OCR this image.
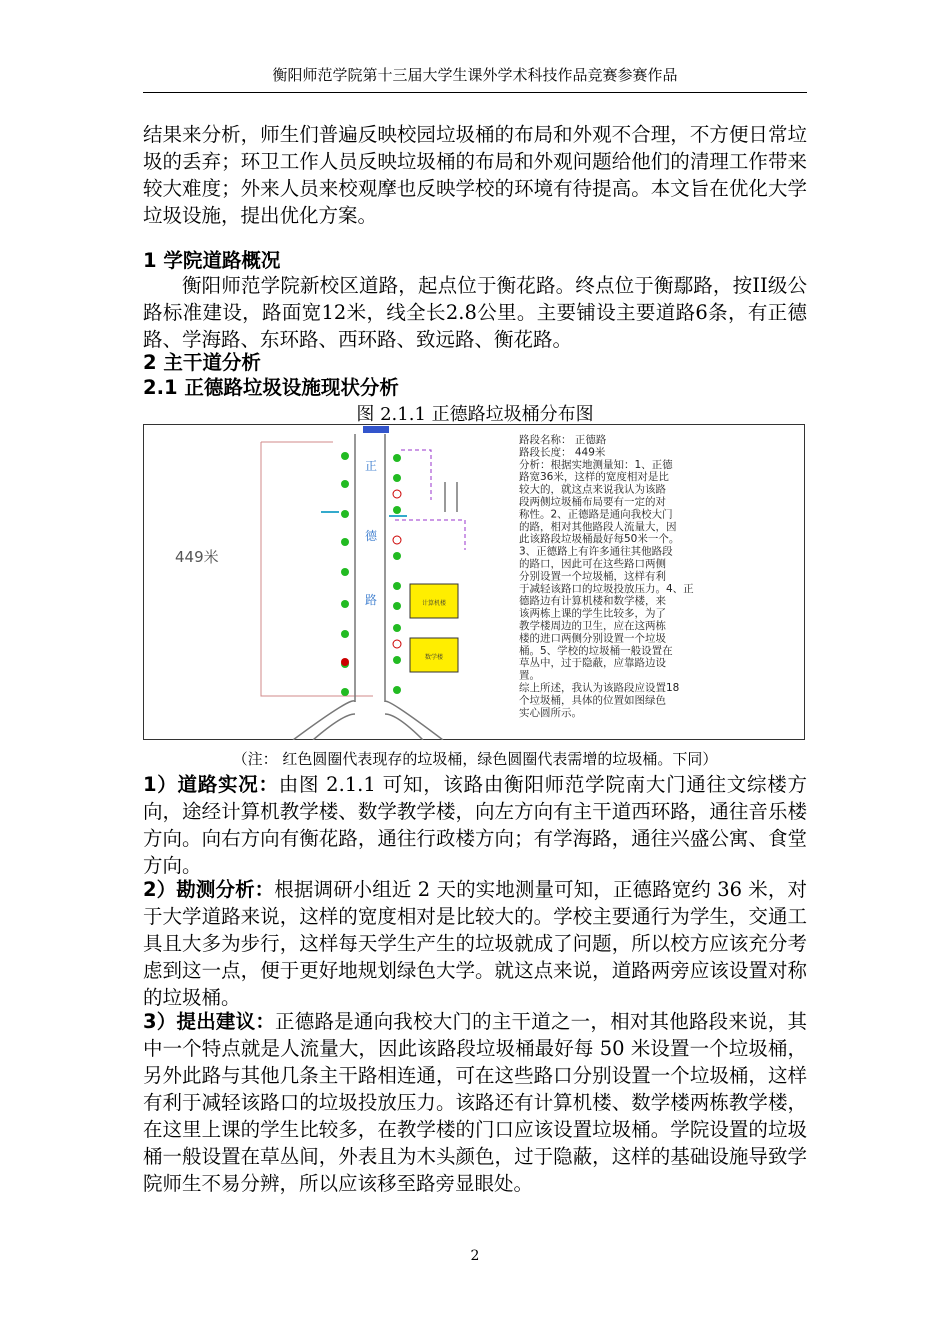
衡阳师范学院第十三届大学生课外学术科技作品竞赛参赛作品

结果来分析，师生们普遍反映校园垃圾桶的布局和外观不合理，不方便日常垃圾的丢弃；环卫工作人员反映垃圾桶的布局和外观问题给他们的清理工作带来较大难度；外来人员来校观摩也反映学校的环境有待提高。本文旨在优化大学垃圾设施，提出优化方案。

1 学院道路概况

衡阳师范学院新校区道路，起点位于衡花路。终点位于衡鄢路，按II级公路标准建设，路面宽12米，线全长2.8公里。主要铺设主要道路6条，有正德路、学海路、东环路、西环路、致远路、衡花路。

2 主干道分析
2.1 正德路垃圾设施现状分析
图 2.1.1 正德路垃圾桶分布图
449米
正
德
路	计算机楼
数学楼
路段名称： 正德路
路段长度： 449米
分析：根据实地测量知：1、正德
路宽36米，这样的宽度相对是比
较大的，就这点来说我认为该路
段两侧垃圾桶布局要有一定的对
称性。2、正德路是通向我校大门
的路，相对其他路段人流量大，因
此该路段垃圾桶最好每50米一个。
3、正德路上有许多通往其他路段
的路口，因此可在这些路口两侧
分别设置一个垃圾桶，这样有利
于减轻该路口的垃圾投放压力。4、正
德路边有计算机楼和数学楼，来
该两栋上课的学生比较多，为了
教学楼周边的卫生，应在这两栋
楼的进口两侧分别设置一个垃圾
桶。5、学校的垃圾桶一般设置在
草丛中，过于隐蔽，应靠路边设
置。
综上所述，我认为该路段应设置18
个垃圾桶，具体的位置如图绿色
实心圆所示。
（注： 红色圆圈代表现存的垃圾桶，绿色圆圈代表需增的垃圾桶。下同）

1）道路实况：由图 2.1.1 可知，该路由衡阳师范学院南大门通往文综楼方向，途经计算机教学楼、数学教学楼，向左方向有主干道西环路，通往音乐楼方向。向右方向有衡花路，通往行政楼方向；有学海路，通往兴盛公寓、食堂方向。

2）勘测分析：根据调研小组近 2 天的实地测量可知，正德路宽约 36 米，对于大学道路来说，这样的宽度相对是比较大的。学校主要通行为学生，交通工具且大多为步行，这样每天学生产生的垃圾就成了问题，所以校方应该充分考虑到这一点，便于更好地规划绿色大学。就这点来说，道路两旁应该设置对称的垃圾桶。

3）提出建议：正德路是通向我校大门的主干道之一，相对其他路段来说，其中一个特点就是人流量大，因此该路段垃圾桶最好每 50 米设置一个垃圾桶，另外此路与其他几条主干路相连通，可在这些路口分别设置一个垃圾桶，这样有利于减轻该路口的垃圾投放压力。该路还有计算机楼、数学楼两栋教学楼，在这里上课的学生比较多，在教学楼的门口应该设置垃圾桶。学院设置的垃圾桶一般设置在草丛间，外表且为木头颜色，过于隐蔽，这样的基础设施导致学院师生不易分辨，所以应该移至路旁显眼处。

2
